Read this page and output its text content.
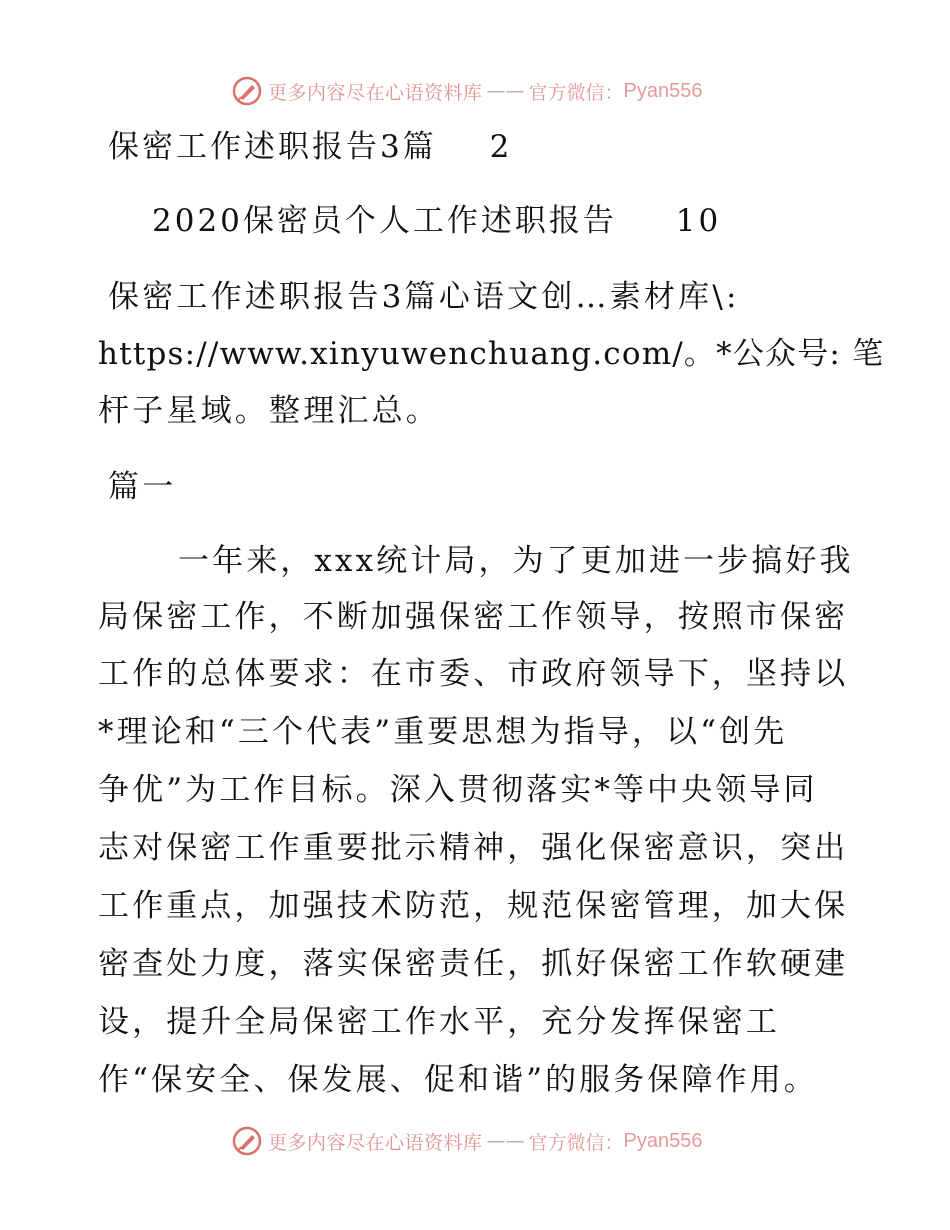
更多内容尽在心语资料库 —— 官方微信： Pyan556
保密工作述职报告3篇 2
2020保密员个人工作述职报告 10
保密工作述职报告3篇心语文创…素材库\:
https://www.xinyuwenchuang.com/。*公众号: 笔
杆子星域。整理汇总。
篇一
一年来，xxx统计局，为了更加进一步搞好我
局保密工作，不断加强保密工作领导，按照市保密
工作的总体要求：在市委、市政府领导下，坚持以
*理论和“三个代表”重要思想为指导，以“创先
争优”为工作目标。深入贯彻落实*等中央领导同
志对保密工作重要批示精神，强化保密意识，突出
工作重点，加强技术防范，规范保密管理，加大保
密查处力度，落实保密责任，抓好保密工作软硬建
设，提升全局保密工作水平，充分发挥保密工
作“保安全、保发展、促和谐”的服务保障作用。
更多内容尽在心语资料库 —— 官方微信： Pyan556
